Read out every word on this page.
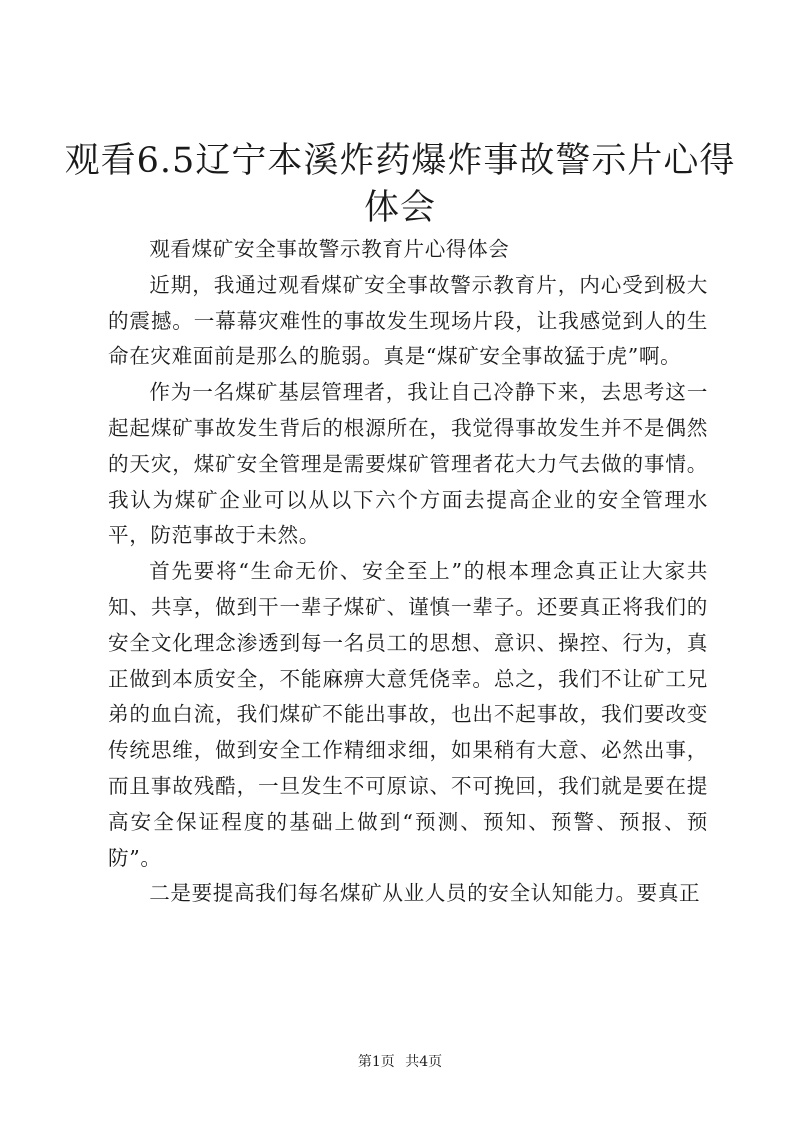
观看6.5辽宁本溪炸药爆炸事故警示片心得体会

观看煤矿安全事故警示教育片心得体会

近期，我通过观看煤矿安全事故警示教育片，内心受到极大的震撼。一幕幕灾难性的事故发生现场片段，让我感觉到人的生命在灾难面前是那么的脆弱。真是“煤矿安全事故猛于虎”啊。

作为一名煤矿基层管理者，我让自己冷静下来，去思考这一起起煤矿事故发生背后的根源所在，我觉得事故发生并不是偶然的天灾，煤矿安全管理是需要煤矿管理者花大力气去做的事情。我认为煤矿企业可以从以下六个方面去提高企业的安全管理水平，防范事故于未然。

首先要将“生命无价、安全至上”的根本理念真正让大家共知、共享，做到干一辈子煤矿、谨慎一辈子。还要真正将我们的安全文化理念渗透到每一名员工的思想、意识、操控、行为，真正做到本质安全，不能麻痹大意凭侥幸。总之，我们不让矿工兄弟的血白流，我们煤矿不能出事故，也出不起事故，我们要改变传统思维，做到安全工作精细求细，如果稍有大意、必然出事，而且事故残酷，一旦发生不可原谅、不可挽回，我们就是要在提高安全保证程度的基础上做到“预测、预知、预警、预报、预防”。

二是要提高我们每名煤矿从业人员的安全认知能力。要真正

第1页 共4页
